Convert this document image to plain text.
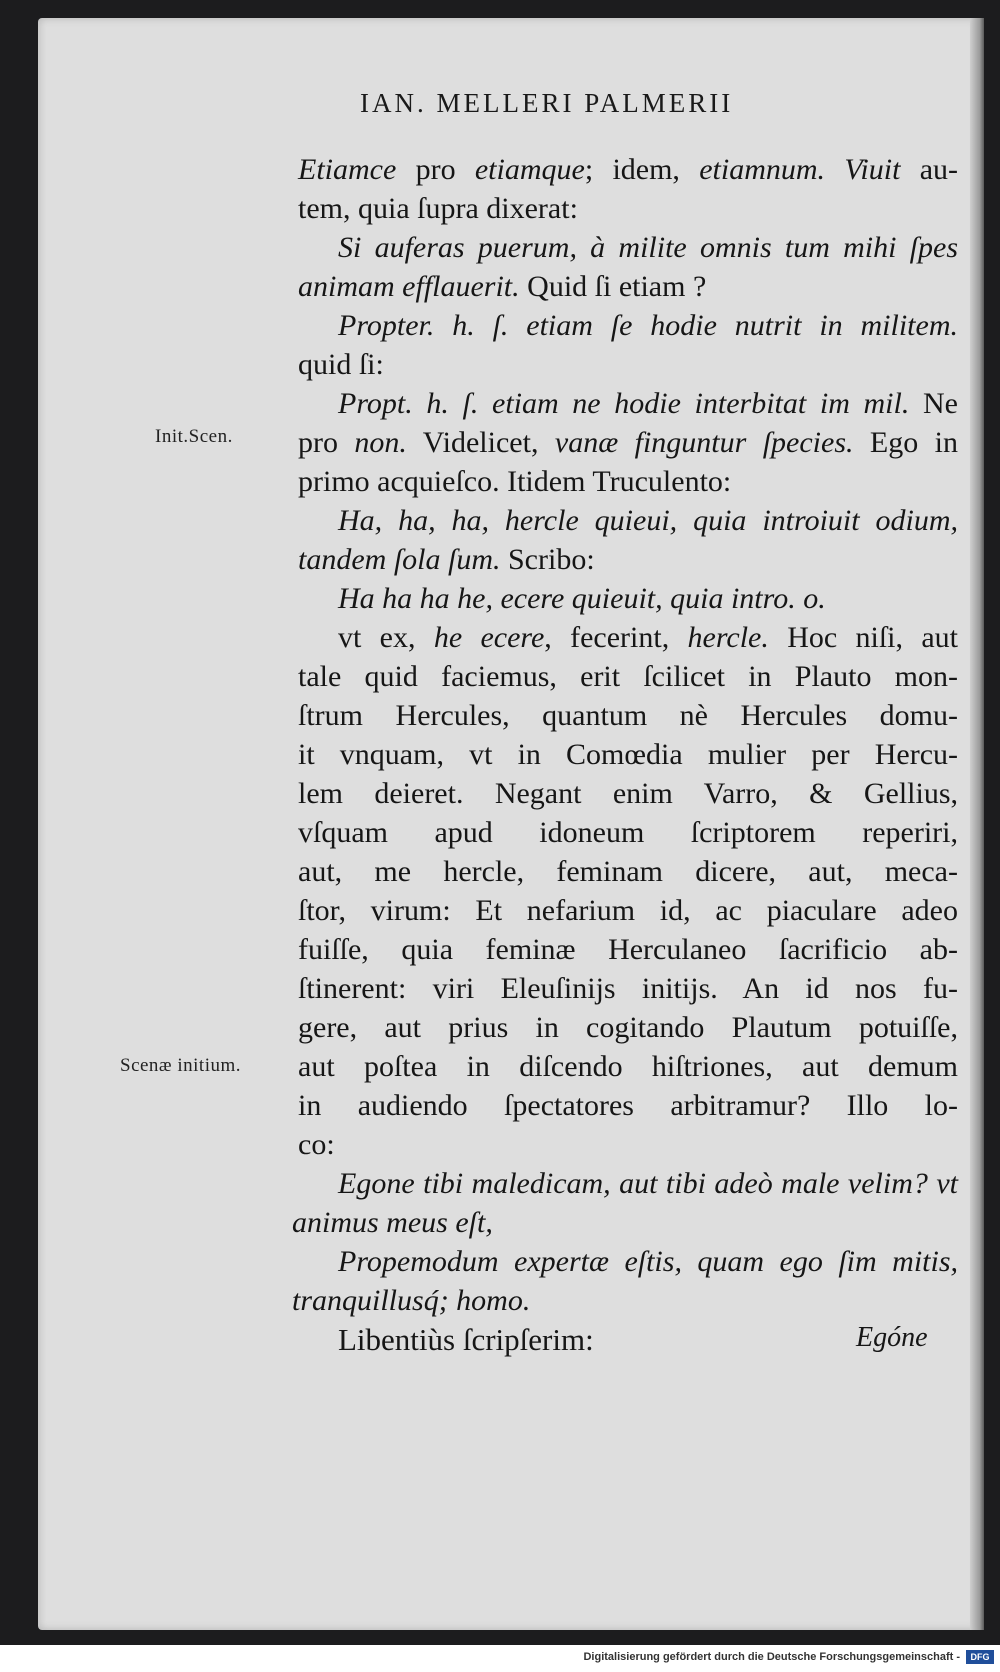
IAN. MELLERI PALMERII
Init.Scen.
Scenæ initium.
Etiamce pro etiamque; idem, etiamnum. Viuit au-
tem, quia ſupra dixerat:
Si auferas puerum, à milite omnis tum mihi ſpes
animam efflauerit. Quid ſi etiam ?
Propter. h. ſ. etiam ſe hodie nutrit in militem.
quid ſi:
Propt. h. ſ. etiam ne hodie interbitat im mil. Ne
pro non. Videlicet, vanæ finguntur ſpecies. Ego in
primo acquieſco. Itidem Truculento:
Ha, ha, ha, hercle quieui, quia introiuit odium,
tandem ſola ſum. Scribo:
Ha ha ha he, ecere quieuit, quia intro. o.
vt ex, he ecere, fecerint, hercle. Hoc niſi, aut
tale quid faciemus, erit ſcilicet in Plauto mon-
ſtrum Hercules, quantum nè Hercules domu-
it vnquam, vt in Comœdia mulier per Hercu-
lem deieret. Negant enim Varro, & Gellius,
vſquam apud idoneum ſcriptorem reperiri,
aut, me hercle, feminam dicere, aut, meca-
ſtor, virum: Et nefarium id, ac piaculare adeo
fuiſſe, quia feminæ Herculaneo ſacrificio ab-
ſtinerent: viri Eleuſinijs initijs. An id nos fu-
gere, aut prius in cogitando Plautum potuiſſe,
aut poſtea in diſcendo hiſtriones, aut demum
in audiendo ſpectatores arbitramur? Illo lo-
co:
Egone tibi maledicam, aut tibi adeò male velim? vt
animus meus eſt,
Propemodum expertæ eſtis, quam ego ſim mitis,
tranquillusq́; homo.
Libentiùs ſcripſerim:	Egóne
Digitalisierung gefördert durch die Deutsche Forschungsgemeinschaft -	DFG
